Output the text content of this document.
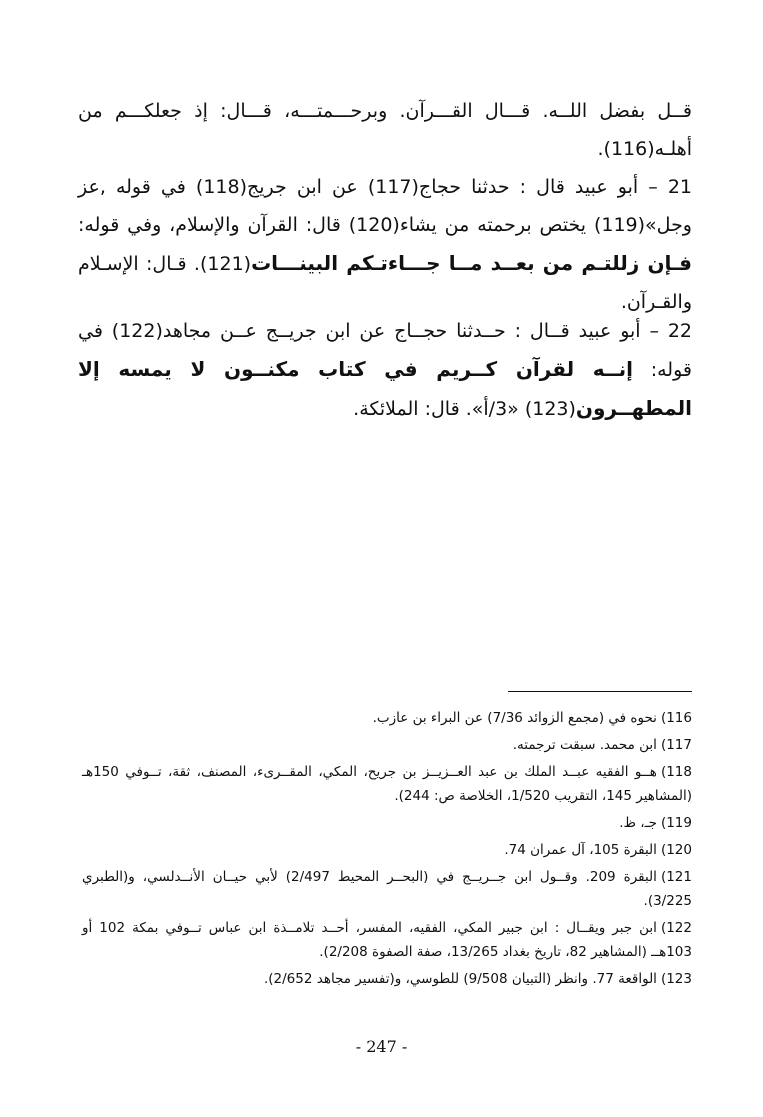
قــل بفضل اللــه. قـــال القـــرآن. وبرحـــمتـــه، قـــال: إذ جعلكـــم من أهلـه(116).

21 – أبو عبيد قال : حدثنا حجاج(117) عن ابن جريج(118) في قوله ,عز وجل»(119) يختص برحمته من يشاء(120) قال: القرآن والإسلام، وفي قوله: فـإن زللتـم من بعــد مــا جـــاءتـكم البينـــات(121). قـال: الإسـلام والقـرآن.

22 – أبو عبيد قــال : حــدثنا حجــاج عن ابن جريــج عــن مجاهد(122) في قوله: إنــه لقرآن كــريم في كتاب مكنــون لا يمسه إلا المطهــرون(123) «3/أ». قال: الملائكة.

116)نحوه في (مجمع الزوائد 7/36) عن البراء بن عازب.

117)ابن محمد. سبقت ترجمته.

118)هــو الفقيه عبــد الملك بن عبد العــزيــز بن جريح، المكي، المقــرىء، المصنف، ثقة، تــوفي 150هـ (المشاهير 145، التقريب 1/520، الخلاصة ص: 244).

119)جـ، ظ.

120)البقرة 105، آل عمران 74.

121)البقرة 209. وقــول ابن جــريــج في (البحــر المحيط 2/497) لأبي حيــان الأنــدلسي، و(الطبري 3/225).

122)ابن جبر ويقــال : ابن جبير المكي، الفقيه، المفسر، أحــد تلامــذة ابن عباس تــوفي بمكة 102 أو 103هــ (المشاهير 82، تاريخ بغداد 13/265، صفة الصفوة 2/208).

123)الواقعة 77. وانظر (التبيان 9/508) للطوسي، و(تفسير مجاهد 2/652).

- 247 -
